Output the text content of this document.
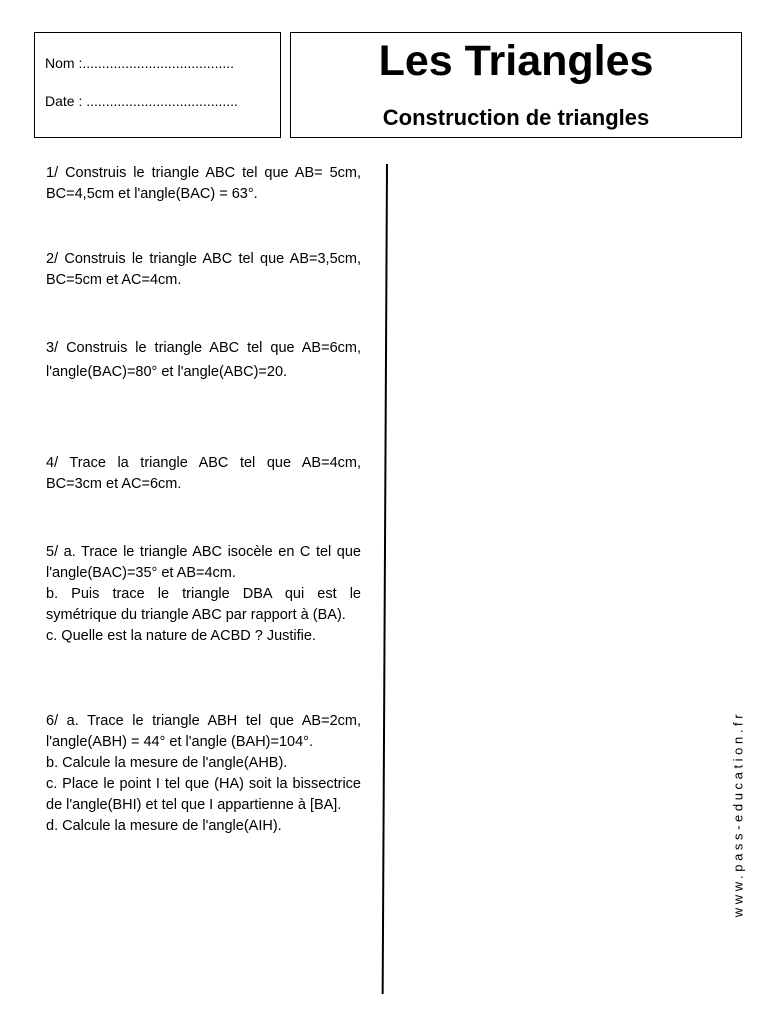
Nom :.......................................
Date : .......................................
Les Triangles
Construction de triangles

1/ Construis le triangle ABC tel que AB= 5cm, BC=4,5cm et l'angle(BAC) = 63°.

2/ Construis le triangle ABC tel que AB=3,5cm, BC=5cm et AC=4cm.

3/ Construis le triangle ABC tel que AB=6cm, l'angle(BAC)=80° et l'angle(ABC)=20.

4/ Trace la triangle ABC tel que AB=4cm, BC=3cm et AC=6cm.

5/ a. Trace le triangle ABC isocèle en C tel que l'angle(BAC)=35° et AB=4cm.

b. Puis trace le triangle DBA qui est le symétrique du triangle ABC par rapport à (BA).

c. Quelle est la nature de ACBD ? Justifie.

6/ a. Trace le triangle ABH tel que AB=2cm, l'angle(ABH) = 44° et l'angle (BAH)=104°.

b. Calcule la mesure de l'angle(AHB).

c. Place le point I tel que (HA) soit la bissectrice de l'angle(BHI) et tel que I appartienne à [BA].

d. Calcule la mesure de l'angle(AIH).	www.pass-education.fr
